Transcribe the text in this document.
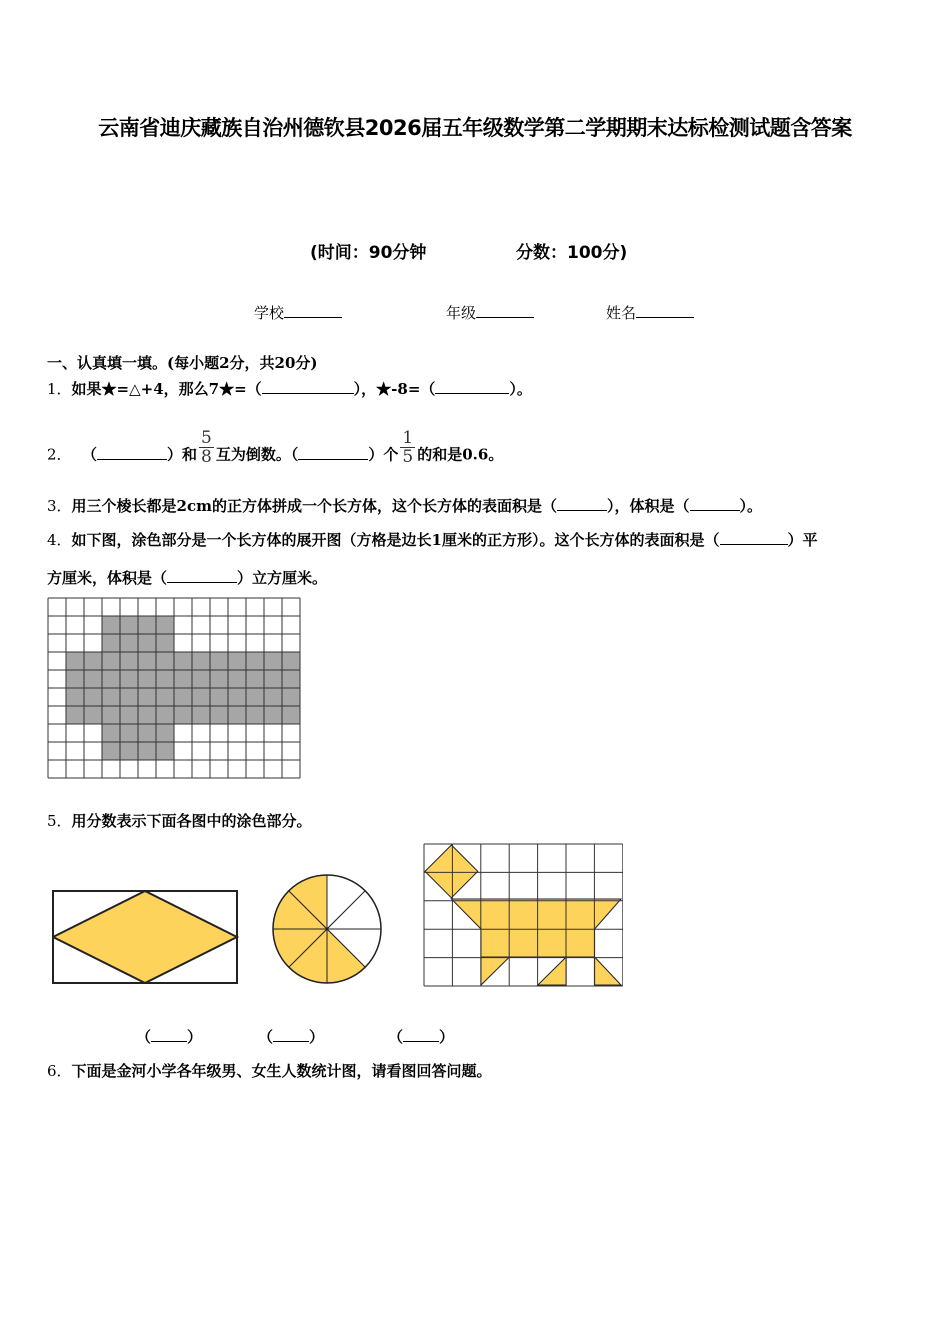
云南省迪庆藏族自治州德钦县2026届五年级数学第二学期期末达标检测试题含答案
(时间：90分钟	分数：100分)
学校	年级	姓名
一、认真填一填。(每小题2分，共20分)
1．如果★=△+4，那么7★=（	），★-8=（	）。
2． （	）和 $\frac{5}{8}$ 互为倒数。（	）个 $\frac{1}{5}$ 的和是0.6。
3．用三个棱长都是2cm的正方体拼成一个长方体，这个长方体的表面积是（	），体积是（	）。
4．如下图，涂色部分是一个长方体的展开图（方格是边长1厘米的正方形）。这个长方体的表面积是（	）平
方厘米，体积是（	）立方厘米。
5．用分数表示下面各图中的涂色部分。
（ ）	（ ）	（ ）
6．下面是金河小学各年级男、女生人数统计图，请看图回答问题。
